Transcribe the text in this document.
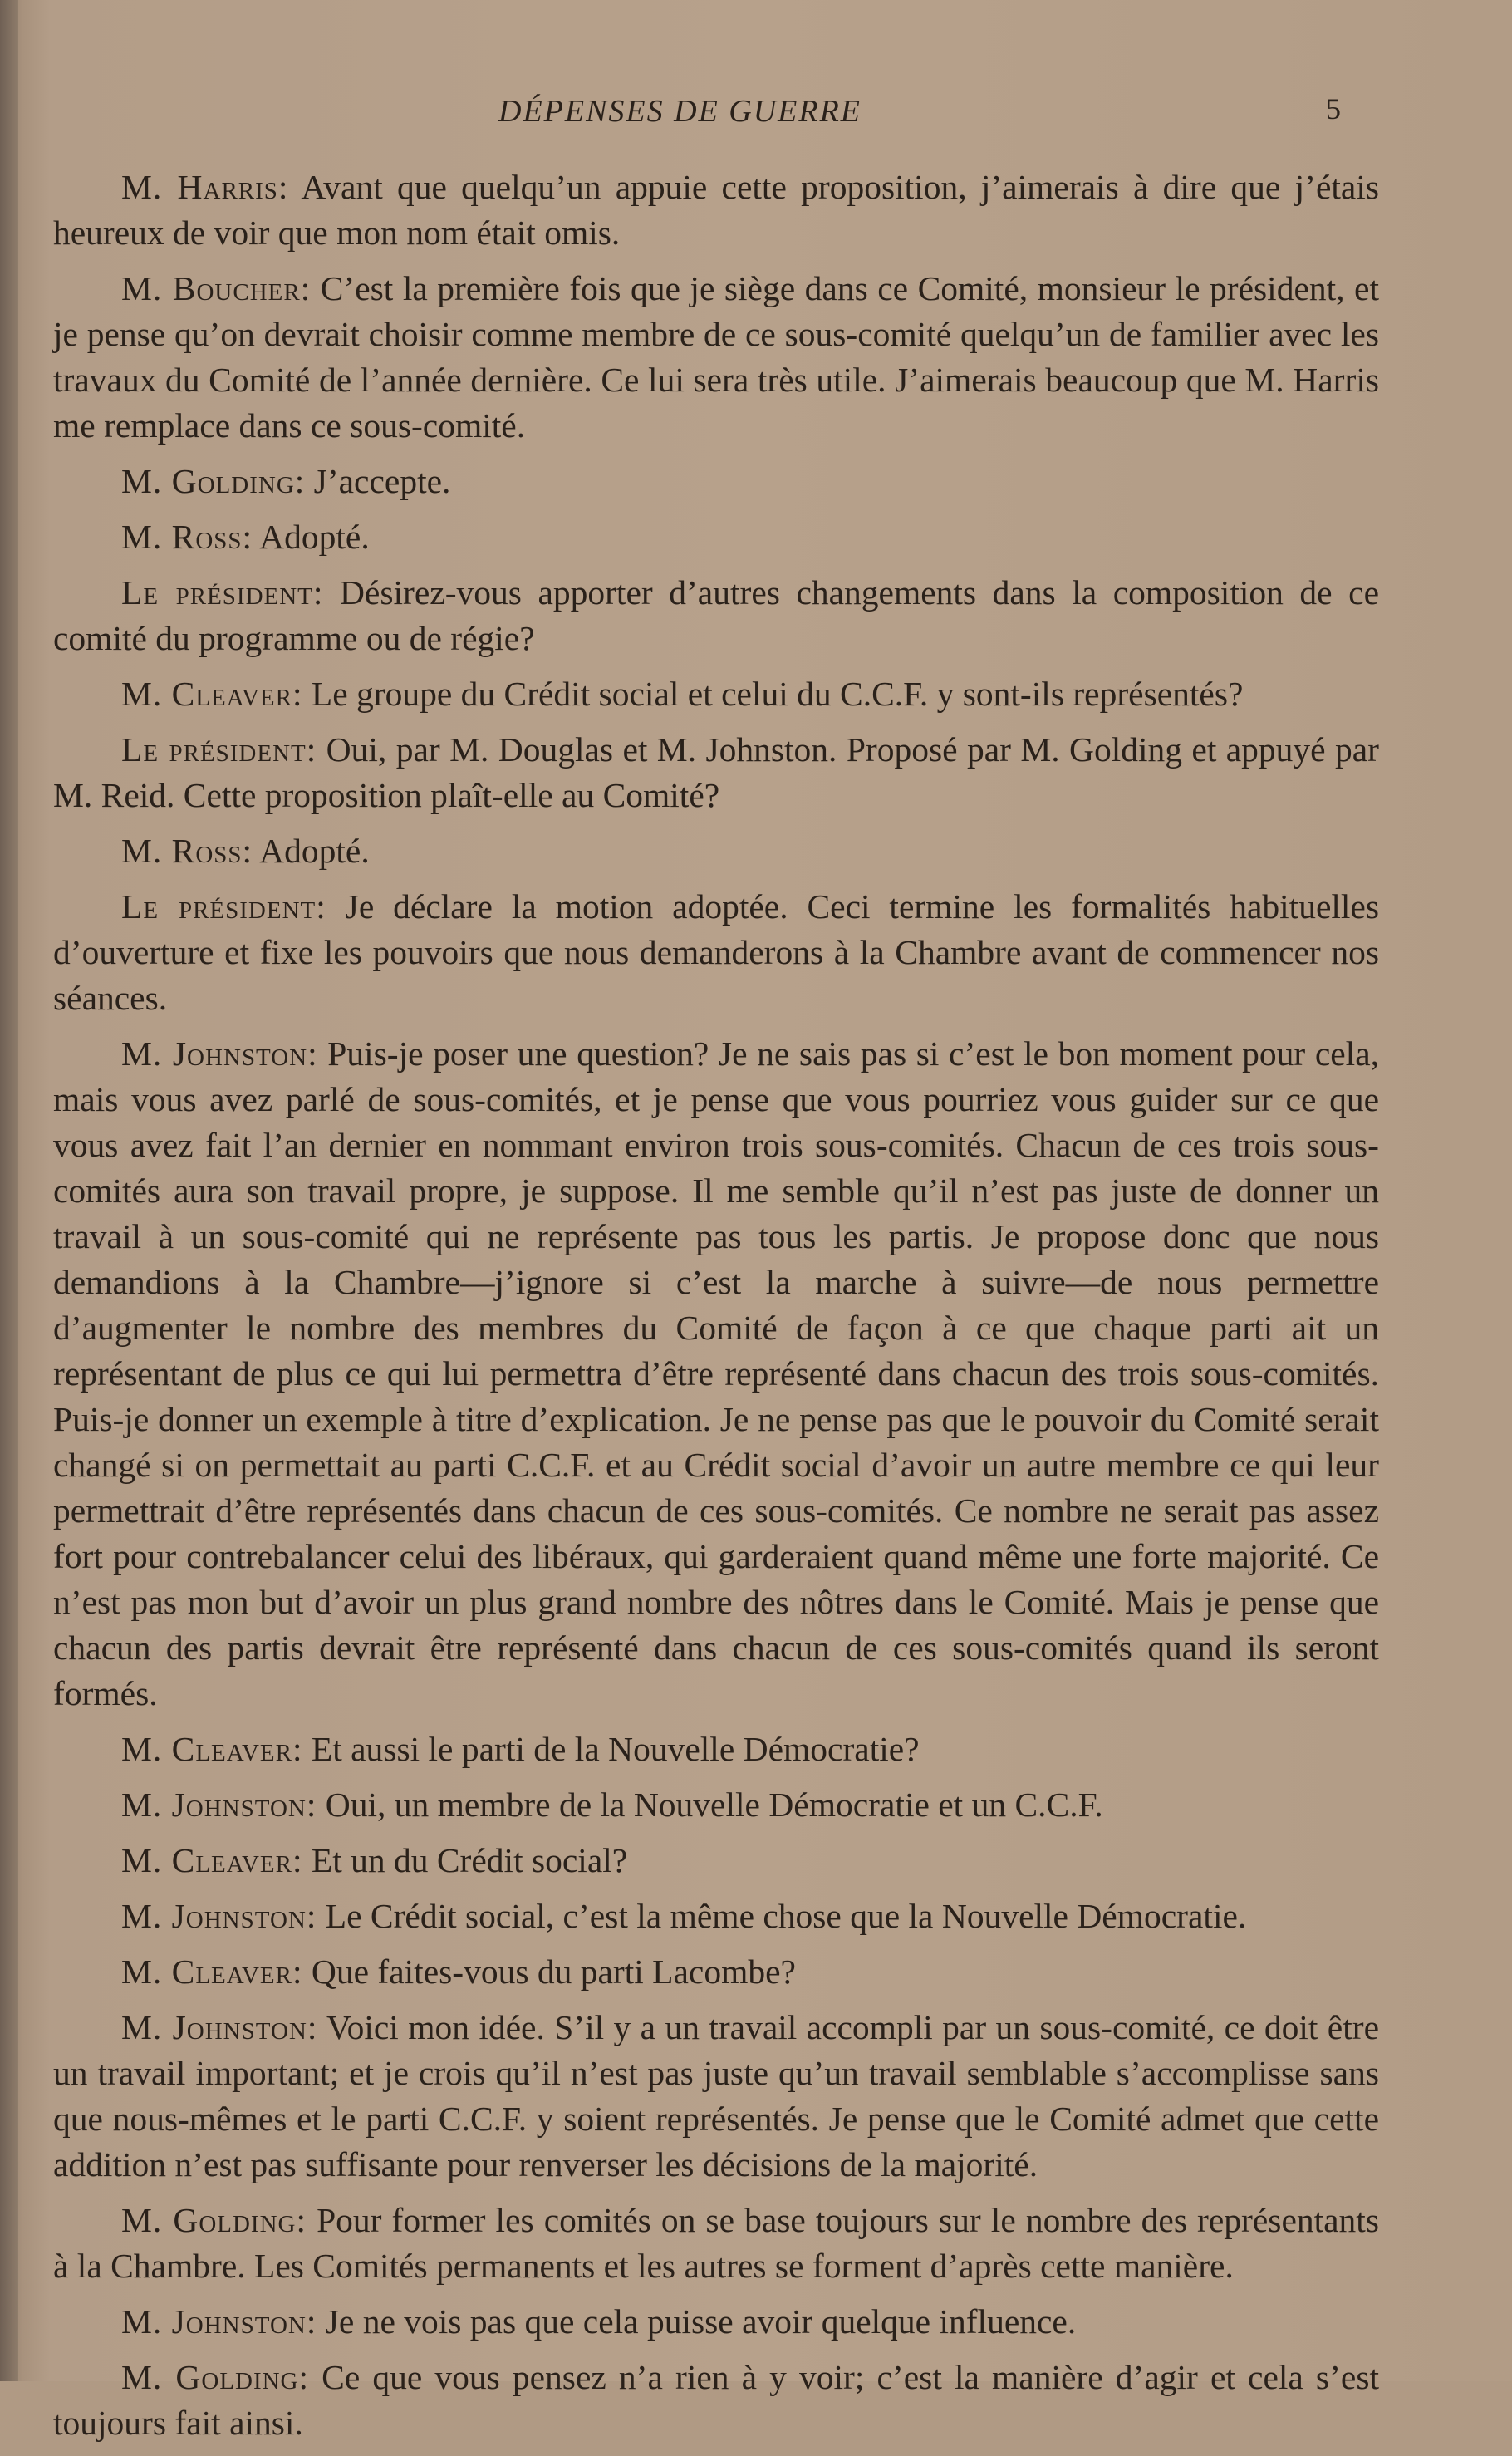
DÉPENSES DE GUERRE	5

M. Harris: Avant que quelqu’un appuie cette proposition, j’aimerais à dire que j’étais heureux de voir que mon nom était omis.

M. Boucher: C’est la première fois que je siège dans ce Comité, monsieur le président, et je pense qu’on devrait choisir comme membre de ce sous-comité quelqu’un de familier avec les travaux du Comité de l’année dernière. Ce lui sera très utile. J’aimerais beaucoup que M. Harris me remplace dans ce sous-comité.

M. Golding: J’accepte.

M. Ross: Adopté.

Le président: Désirez-vous apporter d’autres changements dans la composition de ce comité du programme ou de régie?

M. Cleaver: Le groupe du Crédit social et celui du C.C.F. y sont-ils représentés?

Le président: Oui, par M. Douglas et M. Johnston. Proposé par M. Golding et appuyé par M. Reid. Cette proposition plaît-elle au Comité?

M. Ross: Adopté.

Le président: Je déclare la motion adoptée. Ceci termine les formalités habituelles d’ouverture et fixe les pouvoirs que nous demanderons à la Chambre avant de commencer nos séances.

M. Johnston: Puis-je poser une question? Je ne sais pas si c’est le bon moment pour cela, mais vous avez parlé de sous-comités, et je pense que vous pourriez vous guider sur ce que vous avez fait l’an dernier en nommant environ trois sous-comités. Chacun de ces trois sous-comités aura son travail propre, je suppose. Il me semble qu’il n’est pas juste de donner un travail à un sous-comité qui ne représente pas tous les partis. Je propose donc que nous demandions à la Chambre—j’ignore si c’est la marche à suivre—de nous permettre d’augmenter le nombre des membres du Comité de façon à ce que chaque parti ait un représentant de plus ce qui lui permettra d’être représenté dans chacun des trois sous-comités. Puis-je donner un exemple à titre d’explication. Je ne pense pas que le pouvoir du Comité serait changé si on permettait au parti C.C.F. et au Crédit social d’avoir un autre membre ce qui leur permettrait d’être représentés dans chacun de ces sous-comités. Ce nombre ne serait pas assez fort pour contrebalancer celui des libéraux, qui garderaient quand même une forte majorité. Ce n’est pas mon but d’avoir un plus grand nombre des nôtres dans le Comité. Mais je pense que chacun des partis devrait être représenté dans chacun de ces sous-comités quand ils seront formés.

M. Cleaver: Et aussi le parti de la Nouvelle Démocratie?

M. Johnston: Oui, un membre de la Nouvelle Démocratie et un C.C.F.

M. Cleaver: Et un du Crédit social?

M. Johnston: Le Crédit social, c’est la même chose que la Nouvelle Démocratie.

M. Cleaver: Que faites-vous du parti Lacombe?

M. Johnston: Voici mon idée. S’il y a un travail accompli par un sous-comité, ce doit être un travail important; et je crois qu’il n’est pas juste qu’un travail semblable s’accomplisse sans que nous-mêmes et le parti C.C.F. y soient représentés. Je pense que le Comité admet que cette addition n’est pas suffisante pour renverser les décisions de la majorité.

M. Golding: Pour former les comités on se base toujours sur le nombre des représentants à la Chambre. Les Comités permanents et les autres se forment d’après cette manière.

M. Johnston: Je ne vois pas que cela puisse avoir quelque influence.

M. Golding: Ce que vous pensez n’a rien à y voir; c’est la manière d’agir et cela s’est toujours fait ainsi.
